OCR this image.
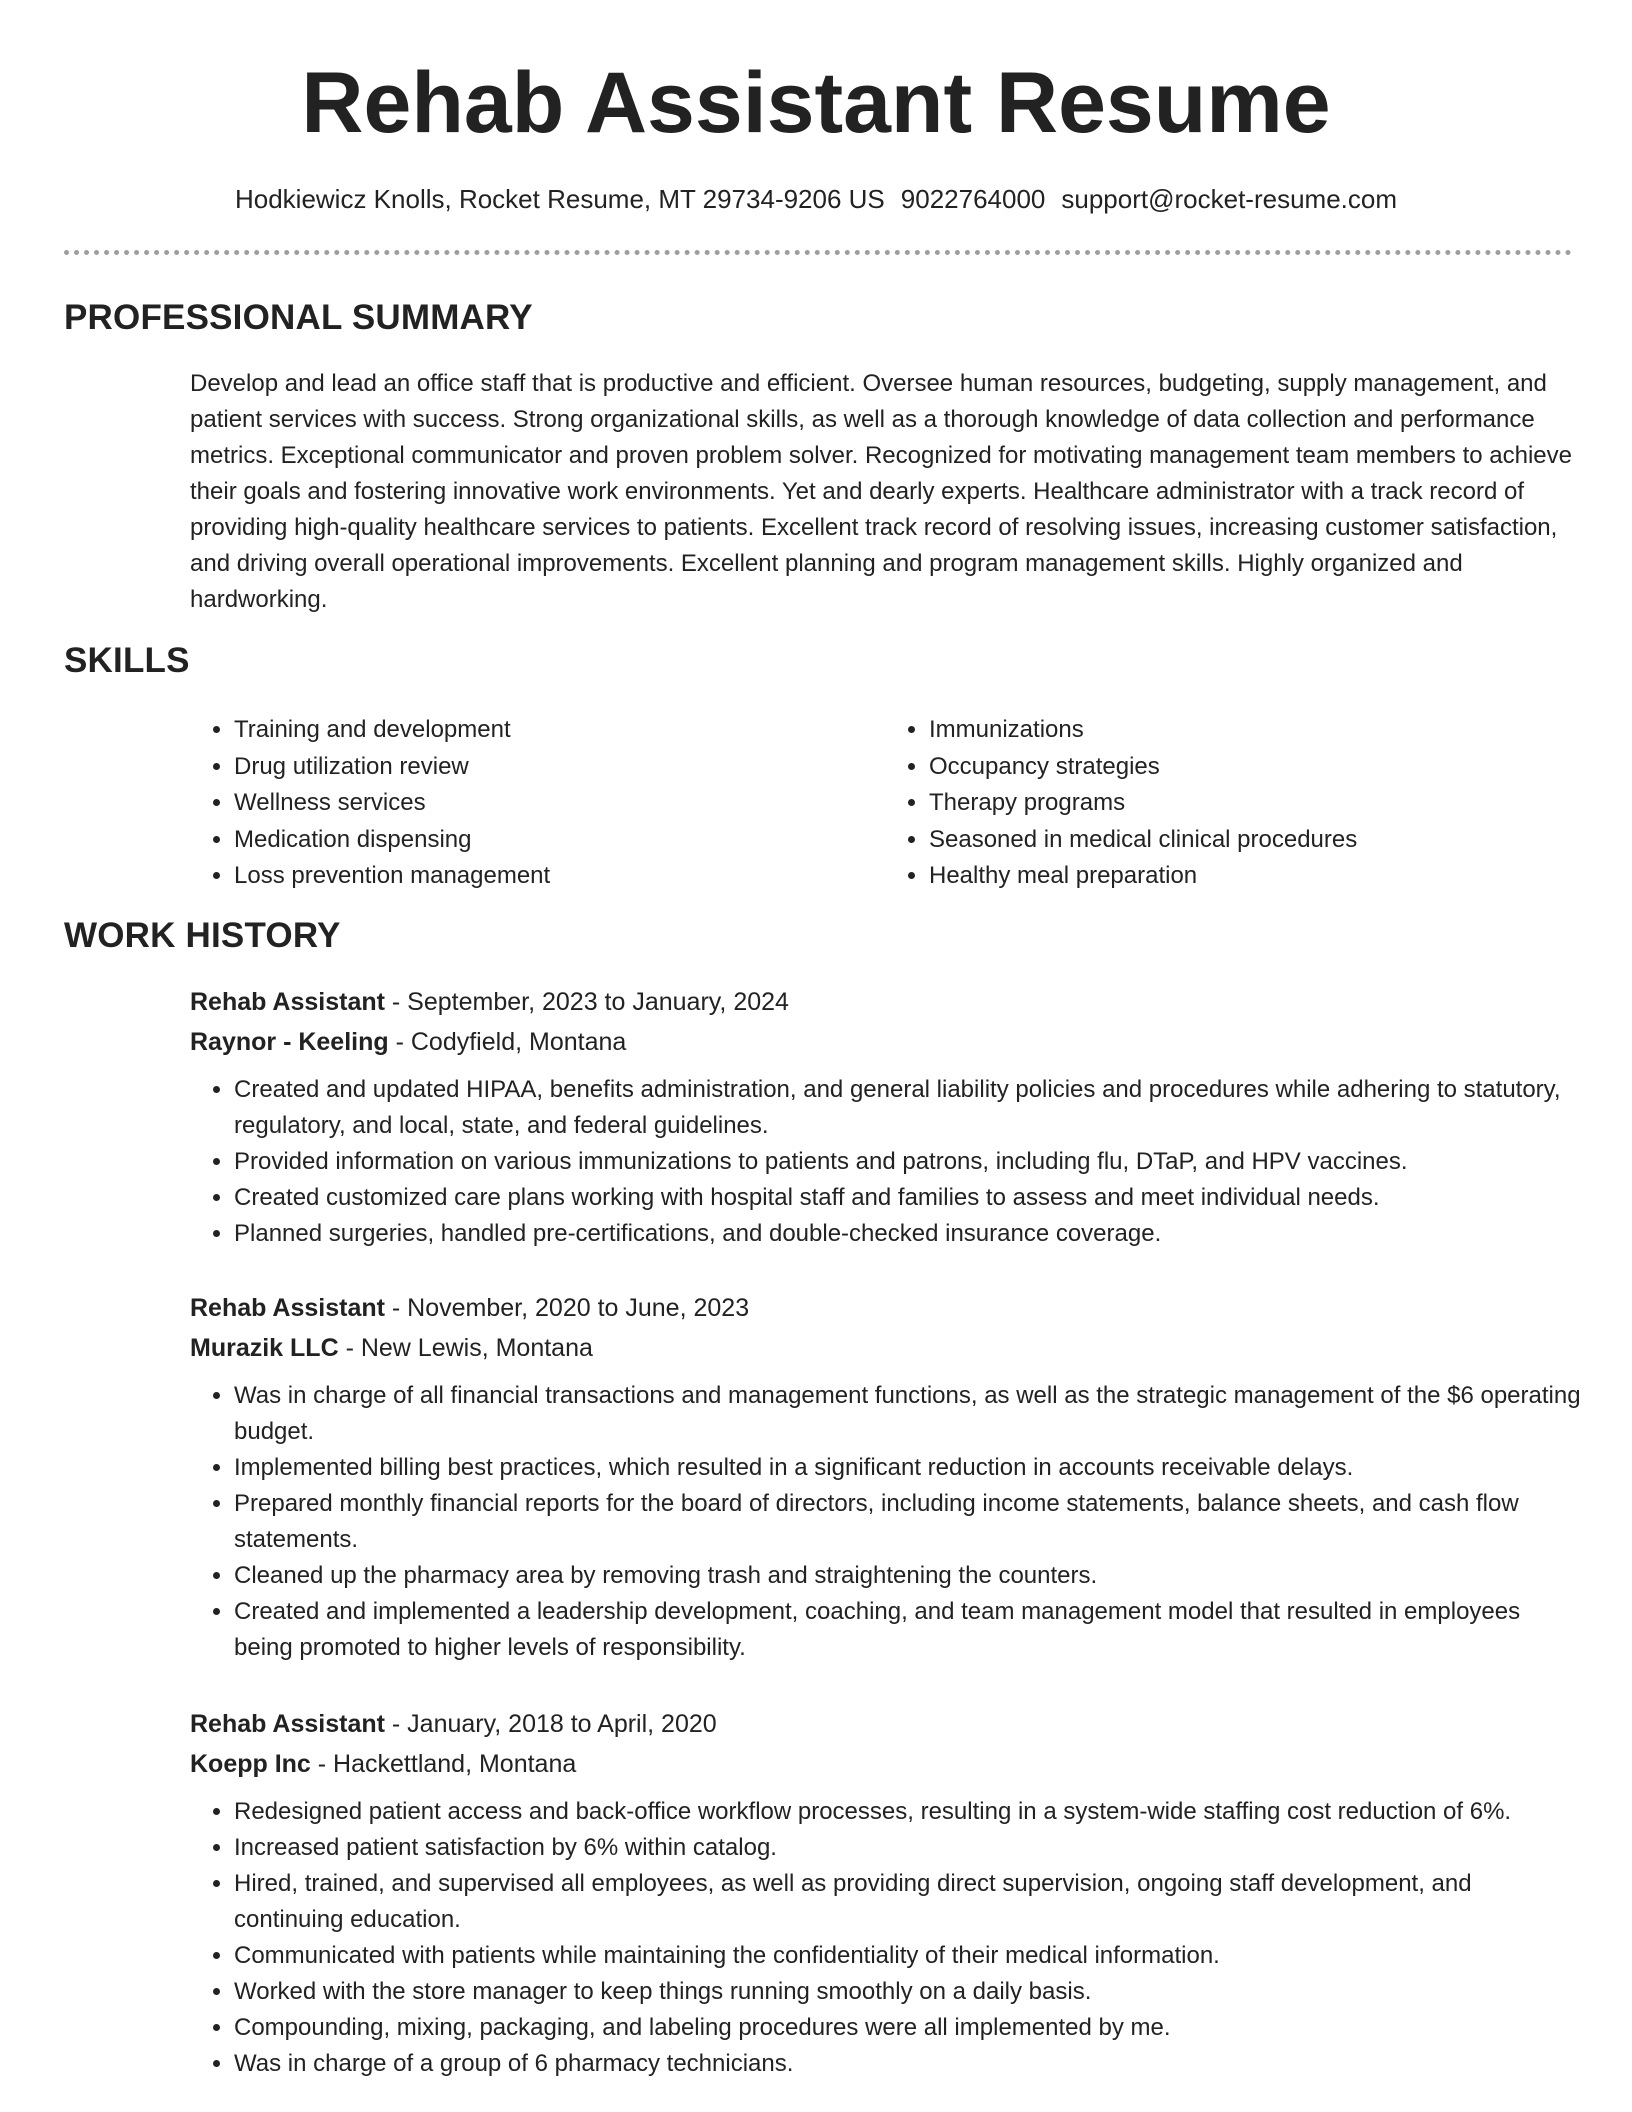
Rehab Assistant Resume
Hodkiewicz Knolls, Rocket Resume, MT 29734-9206 US 9022764000 support@rocket-resume.com
PROFESSIONAL SUMMARY

Develop and lead an office staff that is productive and efficient. Oversee human resources, budgeting, supply management, and patient services with success. Strong organizational skills, as well as a thorough knowledge of data collection and performance metrics. Exceptional communicator and proven problem solver. Recognized for motivating management team members to achieve their goals and fostering innovative work environments. Yet and dearly experts. Healthcare administrator with a track record of providing high-quality healthcare services to patients. Excellent track record of resolving issues, increasing customer satisfaction, and driving overall operational improvements. Excellent planning and program management skills. Highly organized and hardworking.

SKILLS
• Training and development
• Drug utilization review
• Wellness services
• Medication dispensing
• Loss prevention management
• Immunizations
• Occupancy strategies
• Therapy programs
• Seasoned in medical clinical procedures
• Healthy meal preparation
WORK HISTORY
Rehab Assistant - September, 2023 to January, 2024
Raynor - Keeling - Codyfield, Montana
• Created and updated HIPAA, benefits administration, and general liability policies and procedures while adhering to statutory, regulatory, and local, state, and federal guidelines.
• Provided information on various immunizations to patients and patrons, including flu, DTaP, and HPV vaccines.
• Created customized care plans working with hospital staff and families to assess and meet individual needs.
• Planned surgeries, handled pre-certifications, and double-checked insurance coverage.
Rehab Assistant - November, 2020 to June, 2023
Murazik LLC - New Lewis, Montana
• Was in charge of all financial transactions and management functions, as well as the strategic management of the $6 operating budget.
• Implemented billing best practices, which resulted in a significant reduction in accounts receivable delays.
• Prepared monthly financial reports for the board of directors, including income statements, balance sheets, and cash flow statements.
• Cleaned up the pharmacy area by removing trash and straightening the counters.
• Created and implemented a leadership development, coaching, and team management model that resulted in employees being promoted to higher levels of responsibility.
Rehab Assistant - January, 2018 to April, 2020
Koepp Inc - Hackettland, Montana
• Redesigned patient access and back-office workflow processes, resulting in a system-wide staffing cost reduction of 6%.
• Increased patient satisfaction by 6% within catalog.
• Hired, trained, and supervised all employees, as well as providing direct supervision, ongoing staff development, and continuing education.
• Communicated with patients while maintaining the confidentiality of their medical information.
• Worked with the store manager to keep things running smoothly on a daily basis.
• Compounding, mixing, packaging, and labeling procedures were all implemented by me.
• Was in charge of a group of 6 pharmacy technicians.
